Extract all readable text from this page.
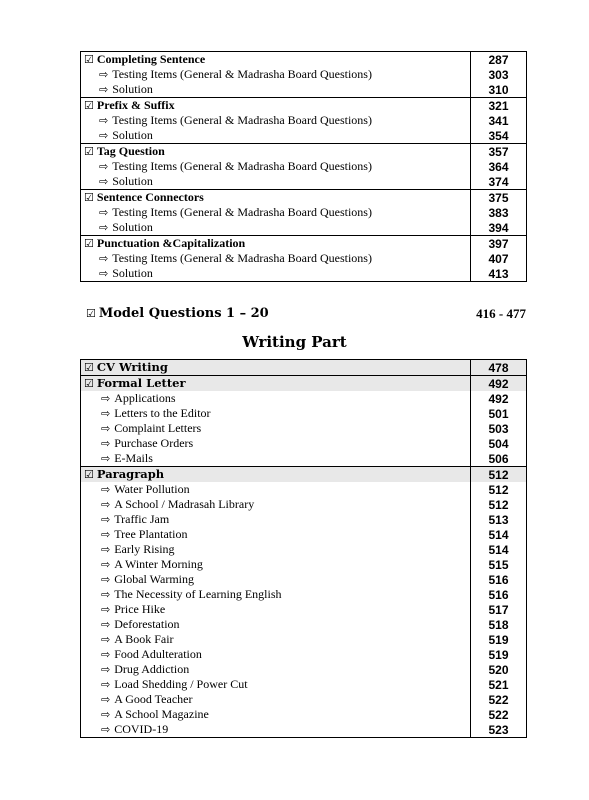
☑ Completing Sentence	287
⇨ Testing Items (General & Madrasha Board Questions)	303
⇨ Solution	310
☑ Prefix & Suffix	321
⇨ Testing Items (General & Madrasha Board Questions)	341
⇨ Solution	354
☑ Tag Question	357
⇨ Testing Items (General & Madrasha Board Questions)	364
⇨ Solution	374
☑ Sentence Connectors	375
⇨ Testing Items (General & Madrasha Board Questions)	383
⇨ Solution	394
☑ Punctuation &Capitalization	397
⇨ Testing Items (General & Madrasha Board Questions)	407
⇨ Solution	413
☑ Model Questions 1 – 20	416 - 477
Writing Part
☑ CV Writing	478
☑ Formal Letter	492
⇨ Applications	492
⇨ Letters to the Editor	501
⇨ Complaint Letters	503
⇨ Purchase Orders	504
⇨ E-Mails	506
☑ Paragraph	512
⇨ Water Pollution	512
⇨ A School / Madrasah Library	512
⇨ Traffic Jam	513
⇨ Tree Plantation	514
⇨ Early Rising	514
⇨ A Winter Morning	515
⇨ Global Warming	516
⇨ The Necessity of Learning English	516
⇨ Price Hike	517
⇨ Deforestation	518
⇨ A Book Fair	519
⇨ Food Adulteration	519
⇨ Drug Addiction	520
⇨ Load Shedding / Power Cut	521
⇨ A Good Teacher	522
⇨ A School Magazine	522
⇨ COVID-19	523
